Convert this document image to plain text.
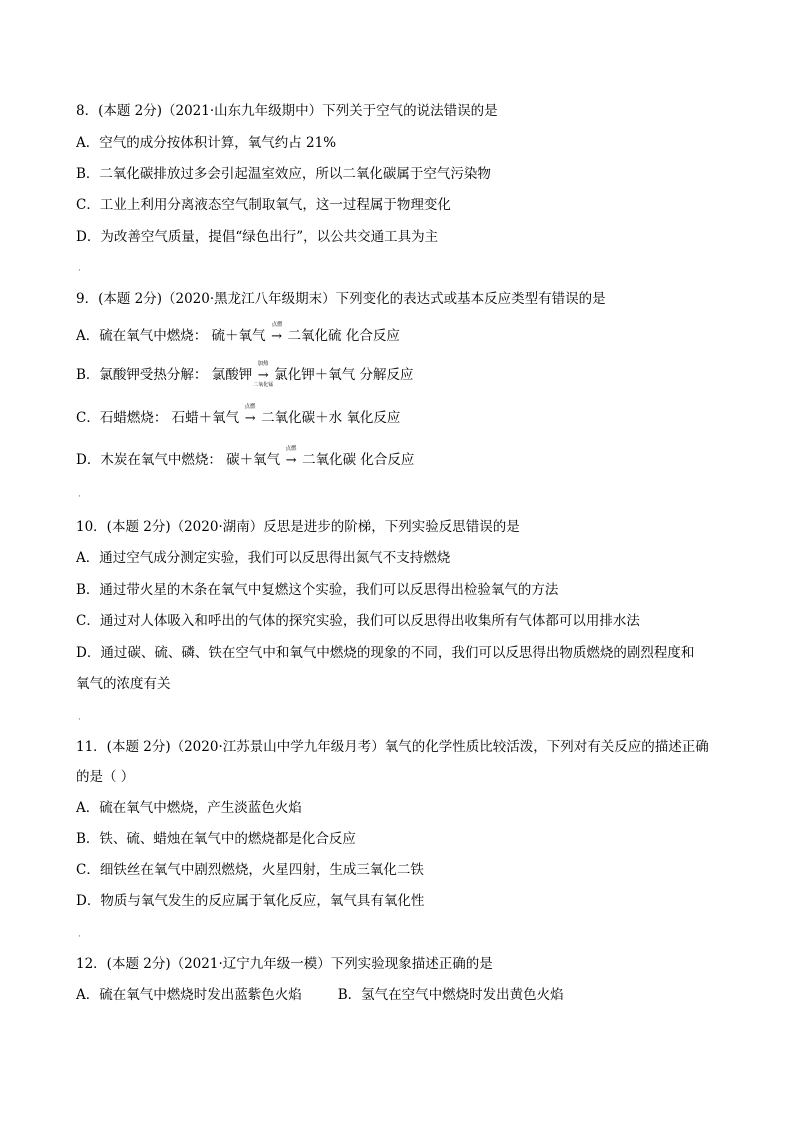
8．(本题 2分)（2021·山东九年级期中）下列关于空气的说法错误的是
A．空气的成分按体积计算，氧气约占 21%
B．二氧化碳排放过多会引起温室效应，所以二氧化碳属于空气污染物
C．工业上利用分离液态空气制取氧气，这一过程属于物理变化
D．为改善空气质量，提倡“绿色出行”，以公共交通工具为主
·
9．(本题 2分)（2020·黑龙江八年级期末）下列变化的表达式或基本反应类型有错误的是
A．硫在氧气中燃烧： 硫＋氧气
点燃
→ 二氧化硫 化合反应
B．氯酸钾受热分解： 氯酸钾
加热
→
二氧化锰
氯化钾＋氧气 分解反应
C．石蜡燃烧： 石蜡＋氧气
点燃
→ 二氧化碳＋水 氧化反应
D．木炭在氧气中燃烧： 碳＋氧气
点燃
→ 二氧化碳 化合反应
·
10．(本题 2分)（2020·湖南）反思是进步的阶梯，下列实验反思错误的是
A．通过空气成分测定实验，我们可以反思得出氮气不支持燃烧
B．通过带火星的木条在氧气中复燃这个实验，我们可以反思得出检验氧气的方法
C．通过对人体吸入和呼出的气体的探究实验，我们可以反思得出收集所有气体都可以用排水法
D．通过碳、硫、磷、铁在空气中和氧气中燃烧的现象的不同，我们可以反思得出物质燃烧的剧烈程度和
氧气的浓度有关
·
11．(本题 2分)（2020·江苏景山中学九年级月考）氧气的化学性质比较活泼，下列对有关反应的描述正确
的是（ ）
A．硫在氧气中燃烧，产生淡蓝色火焰
B．铁、硫、蜡烛在氧气中的燃烧都是化合反应
C．细铁丝在氧气中剧烈燃烧，火星四射，生成三氧化二铁
D．物质与氧气发生的反应属于氧化反应，氧气具有氧化性
·
12．(本题 2分)（2021·辽宁九年级一模）下列实验现象描述正确的是
A．硫在氧气中燃烧时发出蓝紫色火焰	B．氢气在空气中燃烧时发出黄色火焰
